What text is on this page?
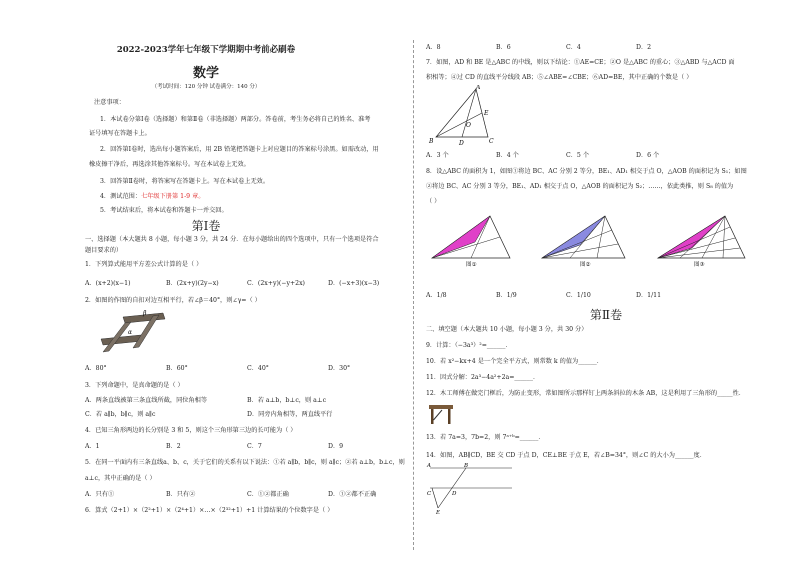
2022-2023学年七年级下学期期中考前必刷卷
数学
（考试时间：120 分钟 试卷满分：140 分）
注意事项：
1．本试卷分第Ⅰ卷（选择题）和第Ⅱ卷（非选择题）两部分。答卷前，考生务必将自己的姓名、准考
证号填写在答题卡上。
2．回答第Ⅰ卷时，选出每小题答案后，用 2B 铅笔把答题卡上对应题目的答案标号涂黑。如需改动，用
橡皮擦干净后，再选涂其他答案标号。写在本试卷上无效。
3．回答第Ⅱ卷时，将答案写在答题卡上。写在本试卷上无效。
4．测试范围：七年级下册第 1-9 章。
5．考试结束后，将本试卷和答题卡一并交回。
第Ⅰ卷
一、选择题（本大题共 8 小题，每小题 3 分，共 24 分．在每小题给出的四个选项中，只有一个选项是符合
题目要求的）
1．下列算式能用平方差公式计算的是（ ）
A．(x+2)(x−1)	B．(2x+y)(2y−x)	C．(2x+y)(−y+2x)	D．(−x+3)(x−3)
2．如图的作图的自扣对边互相平行，若∠β＝40°，则∠γ=（ ）
β
α
A．80°	B．60°	C．40°	D．30°
3．下列命题中，是真命题的是（ ）
A．两条直线被第三条直线所截，同位角相等	B．若 a⊥b，b⊥c，则 a⊥c
C．若 a∥b，b∥c，则 a∥c	D．同旁内角相等，两直线平行
4．已知三角形两边的长分别是 3 和 5，则这个三角形第三边的长可能为（ ）
A．1	B．2	C．7	D．9
5．在同一平面内有三条直线a、b、c，关于它们的关系有以下说法：①若 a∥b，b∥c，则 a∥c；②若 a⊥b，b⊥c，则
a⊥c，其中正确的是（ ）
A．只有①	B．只有②	C．①②都正确	D．①②都不正确
6．算式（2+1）×（2²+1）×（2⁴+1）×…×（2³²+1）+1 计算结果的个位数字是（ ）
A．8	B．6	C．4	D．2
7．如图，AD 和 BE 是△ABC 的中线，则以下结论：①AE=CE；②O 是△ABC 的重心；③△ABD 与△ACD 面
积相等；④过 CD 的直线平分线段 AB；⑤∠ABE=∠CBE；⑥AD=BE，其中正确的个数是（ ）
A
B	C
D
E
O
A．3 个	B．4 个	C．5 个	D．6 个
8．设△ABC 的面积为 1，如图①将边 BC、AC 分别 2 等分，BE₁、AD₁ 相交于点 O，△AOB 的面积记为 S₁；如图
②将边 BC、AC 分别 3 等分，BE₁、AD₁ 相交于点 O，△AOB 的面积记为 S₂；……，依此类推，则 S₈ 的值为
（ ）
图①	图②	图③
A．1/8	B．1/9	C．1/10	D．1/11
第Ⅱ卷
二、填空题（本大题共 10 小题，每小题 3 分，共 30 分）
9．计算：（−3a³）²=______．
10．若 x²−kx+4 是一个完全平方式，则常数 k 的值为______．
11．因式分解：2a³−4a²+2a=______．
12．木工师傅在做完门框后，为防止变形，常如图所示那样钉上两条斜拉的木条 AB，这是利用了三角形的_____性．
13．若 7a=3，7b=2，则 7ᵃ⁺ᵇ=______．
14．如图，AB∥CD，BE 交 CD 于点 D，CE⊥BE 于点 E，若∠B=34°，则∠C 的大小为______度．
A	B
C	D
E
